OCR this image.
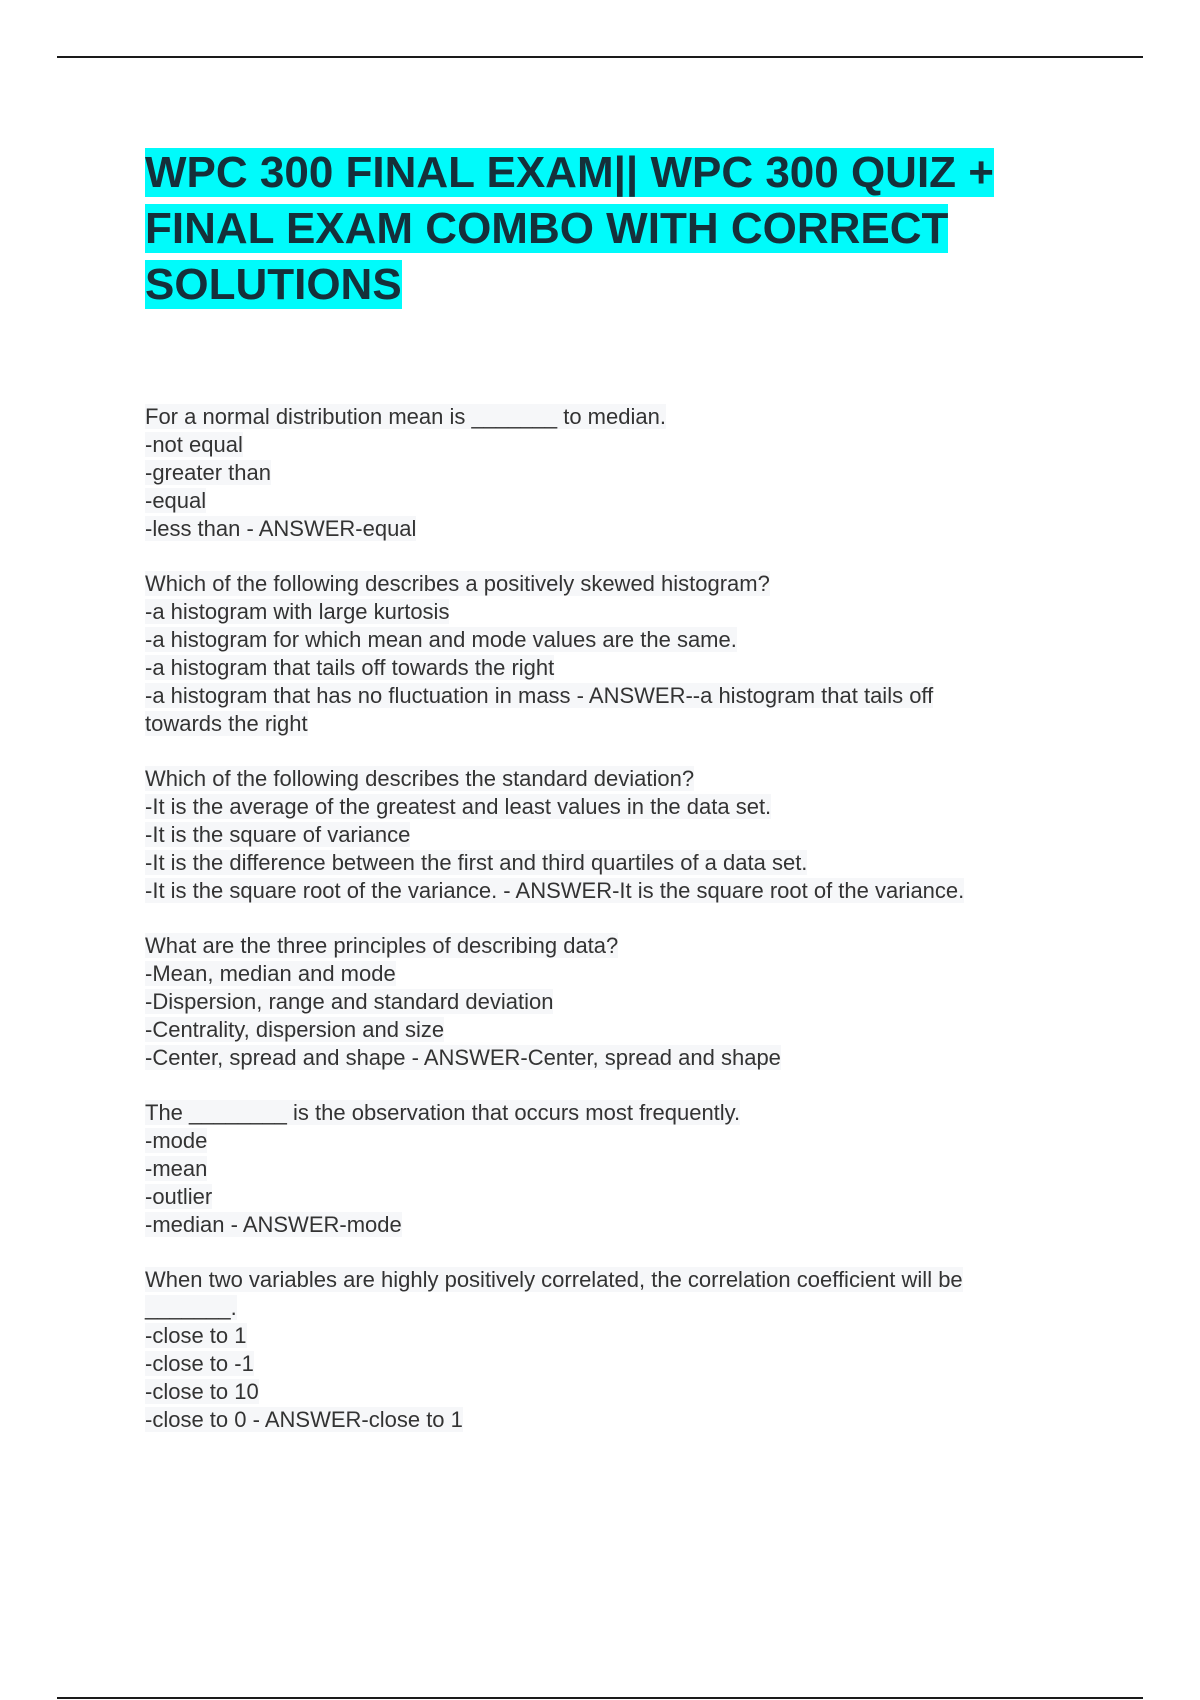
WPC 300 FINAL EXAM|| WPC 300 QUIZ + FINAL EXAM COMBO WITH CORRECT SOLUTIONS
For a normal distribution mean is _______ to median.
-not equal
-greater than
-equal
-less than - ANSWER-equal
Which of the following describes a positively skewed histogram?
-a histogram with large kurtosis
-a histogram for which mean and mode values are the same.
-a histogram that tails off towards the right
-a histogram that has no fluctuation in mass - ANSWER--a histogram that tails off
towards the right
Which of the following describes the standard deviation?
-It is the average of the greatest and least values in the data set.
-It is the square of variance
-It is the difference between the first and third quartiles of a data set.
-It is the square root of the variance. - ANSWER-It is the square root of the variance.
What are the three principles of describing data?
-Mean, median and mode
-Dispersion, range and standard deviation
-Centrality, dispersion and size
-Center, spread and shape - ANSWER-Center, spread and shape
The ________ is the observation that occurs most frequently.
-mode
-mean
-outlier
-median - ANSWER-mode
When two variables are highly positively correlated, the correlation coefficient will be
_______.
-close to 1
-close to -1
-close to 10
-close to 0 - ANSWER-close to 1
